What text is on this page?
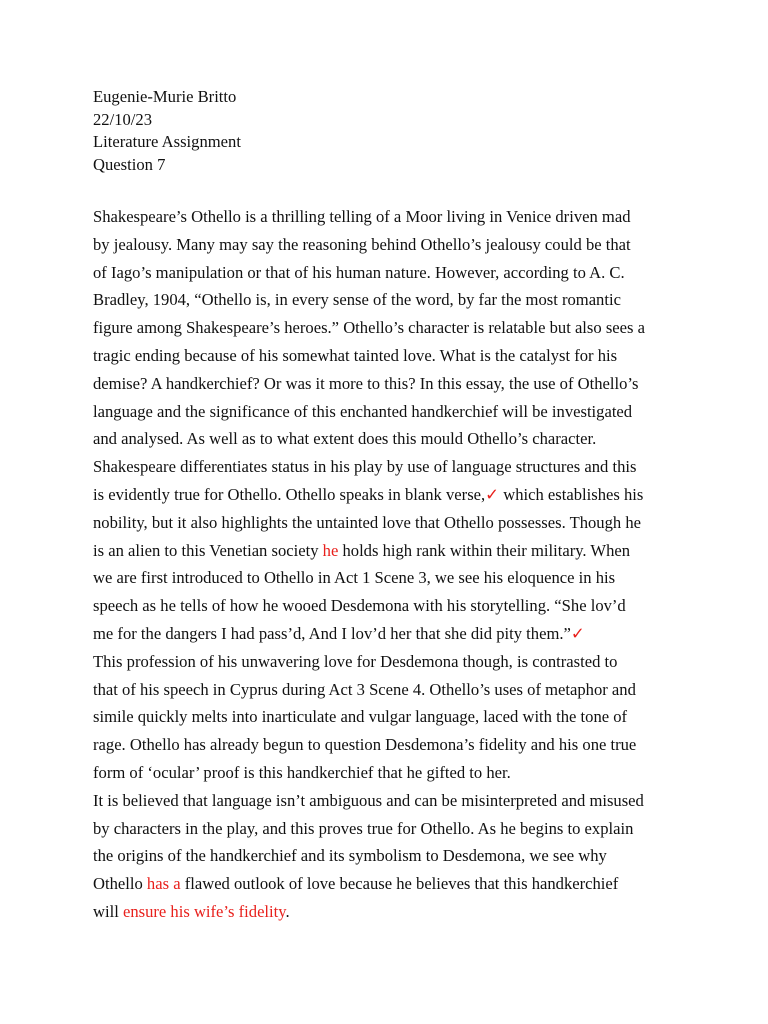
Eugenie-Murie Britto
22/10/23
Literature Assignment
Question 7
Shakespeare’s Othello is a thrilling telling of a Moor living in Venice driven mad
by jealousy. Many may say the reasoning behind Othello’s jealousy could be that
of Iago’s manipulation or that of his human nature. However, according to A. C.
Bradley, 1904, “Othello is, in every sense of the word, by far the most romantic
figure among Shakespeare’s heroes.” Othello’s character is relatable but also sees a
tragic ending because of his somewhat tainted love. What is the catalyst for his
demise? A handkerchief? Or was it more to this? In this essay, the use of Othello’s
language and the significance of this enchanted handkerchief will be investigated
and analysed. As well as to what extent does this mould Othello’s character.
Shakespeare differentiates status in his play by use of language structures and this
is evidently true for Othello. Othello speaks in blank verse,✓ which establishes his
nobility, but it also highlights the untainted love that Othello possesses. Though he
is an alien to this Venetian society he holds high rank within their military. When
we are first introduced to Othello in Act 1 Scene 3, we see his eloquence in his
speech as he tells of how he wooed Desdemona with his storytelling. “She lov’d
me for the dangers I had pass’d, And I lov’d her that she did pity them.”✓
This profession of his unwavering love for Desdemona though, is contrasted to
that of his speech in Cyprus during Act 3 Scene 4. Othello’s uses of metaphor and
simile quickly melts into inarticulate and vulgar language, laced with the tone of
rage. Othello has already begun to question Desdemona’s fidelity and his one true
form of ‘ocular’ proof is this handkerchief that he gifted to her.
It is believed that language isn’t ambiguous and can be misinterpreted and misused
by characters in the play, and this proves true for Othello. As he begins to explain
the origins of the handkerchief and its symbolism to Desdemona, we see why
Othello has a flawed outlook of love because he believes that this handkerchief
will ensure his wife’s fidelity.
